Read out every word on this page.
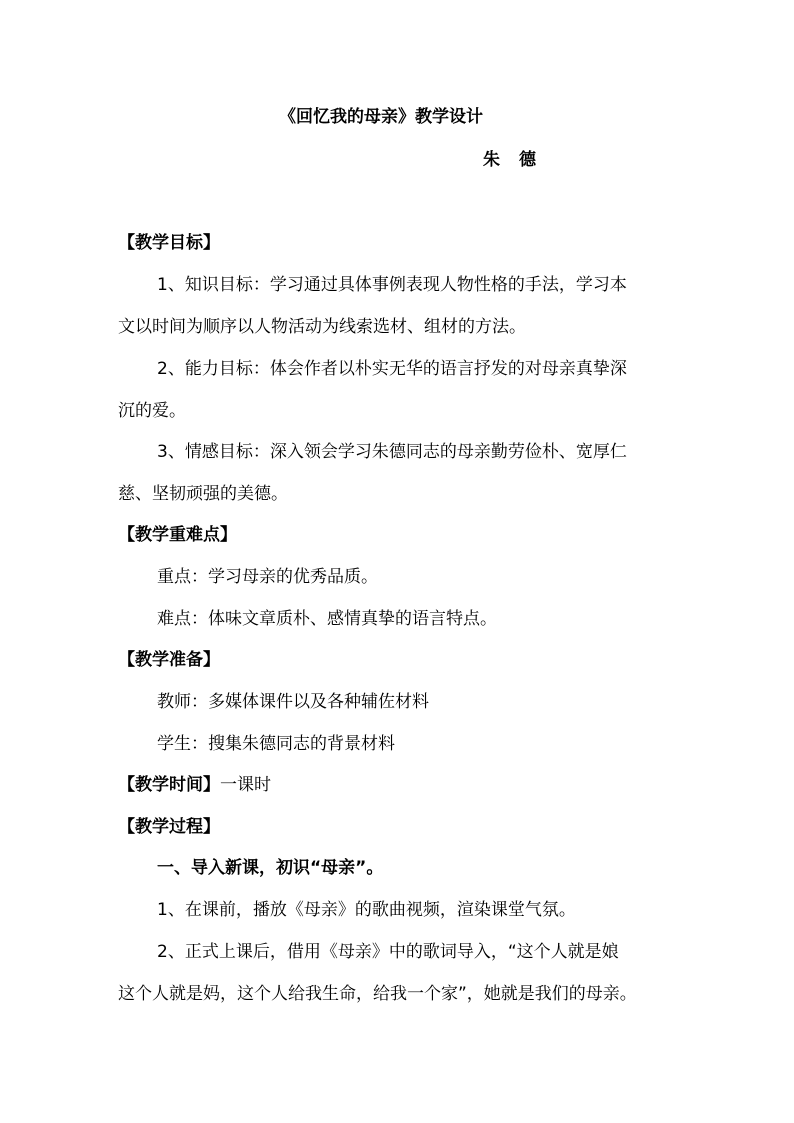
《回忆我的母亲》教学设计
朱 德
【教学目标】
1、知识目标：学习通过具体事例表现人物性格的手法，学习本
文以时间为顺序以人物活动为线索选材、组材的方法。
2、能力目标：体会作者以朴实无华的语言抒发的对母亲真挚深
沉的爱。
3、情感目标：深入领会学习朱德同志的母亲勤劳俭朴、宽厚仁
慈、坚韧顽强的美德。
【教学重难点】
重点：学习母亲的优秀品质。
难点：体味文章质朴、感情真挚的语言特点。
【教学准备】
教师：多媒体课件以及各种辅佐材料
学生：搜集朱德同志的背景材料
【教学时间】一课时
【教学过程】
一、导入新课，初识“母亲”。
1、在课前，播放《母亲》的歌曲视频，渲染课堂气氛。
2、正式上课后，借用《母亲》中的歌词导入，“这个人就是娘
这个人就是妈，这个人给我生命，给我一个家”，她就是我们的母亲。
